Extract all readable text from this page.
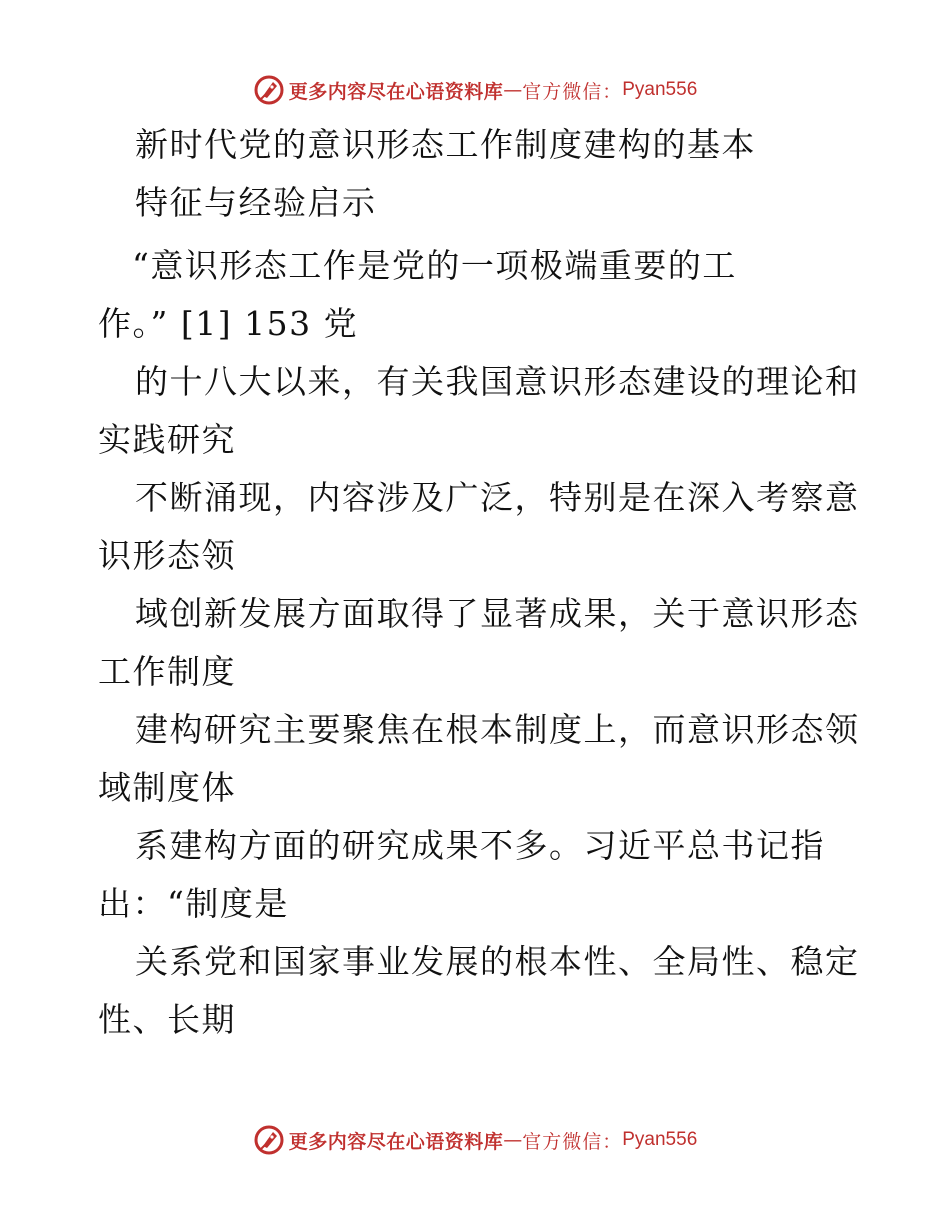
更多内容尽在心语资料库 — 官方微信： Pyan556
新时代党的意识形态工作制度建构的基本
特征与经验启示
“意识形态工作是党的一项极端重要的工
作。” [1] 153 党
的十八大以来，有关我国意识形态建设的理论和
实践研究
不断涌现，内容涉及广泛，特别是在深入考察意
识形态领
域创新发展方面取得了显著成果，关于意识形态
工作制度
建构研究主要聚焦在根本制度上，而意识形态领
域制度体
系建构方面的研究成果不多。习近平总书记指
出：“制度是
关系党和国家事业发展的根本性、全局性、稳定
性、长期
更多内容尽在心语资料库 — 官方微信： Pyan556
